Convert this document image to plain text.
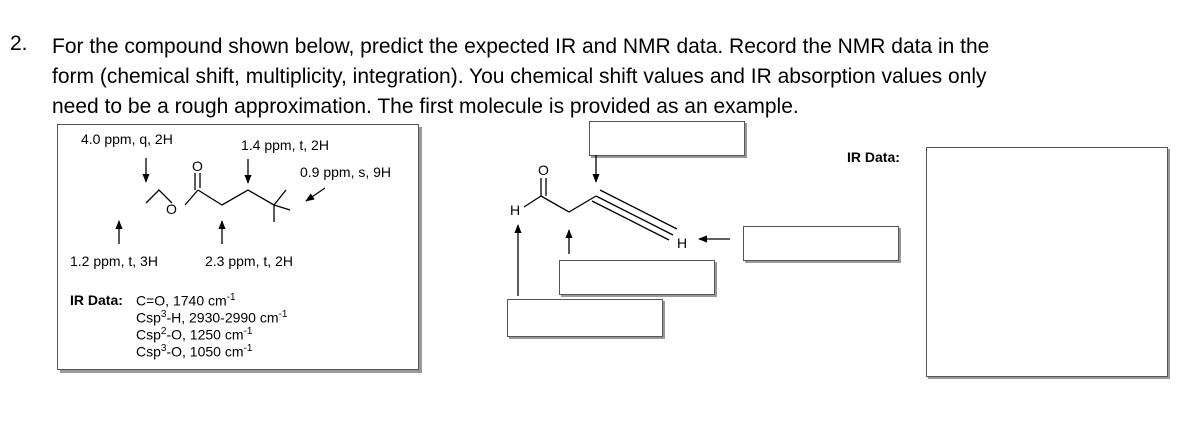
2. For the compound shown below, predict the expected IR and NMR data. Record the NMR data in the
form (chemical shift, multiplicity, integration). You chemical shift values and IR absorption values only
need to be a rough approximation. The first molecule is provided as an example.
4.0 ppm, q, 2H	1.4 ppm, t, 2H
0.9 ppm, s, 9H
1.2 ppm, t, 3H	2.3 ppm, t, 2H
IR Data: C=O, 1740 $cm^{-1}$
Csp$^3$-H, 2930-2990 $cm^{-1}$
Csp$^2$-O, 1250 $cm^{-1}$
Csp$^3$-O, 1050 $cm^{-1}$
IR Data:
O
O
H
O
H
